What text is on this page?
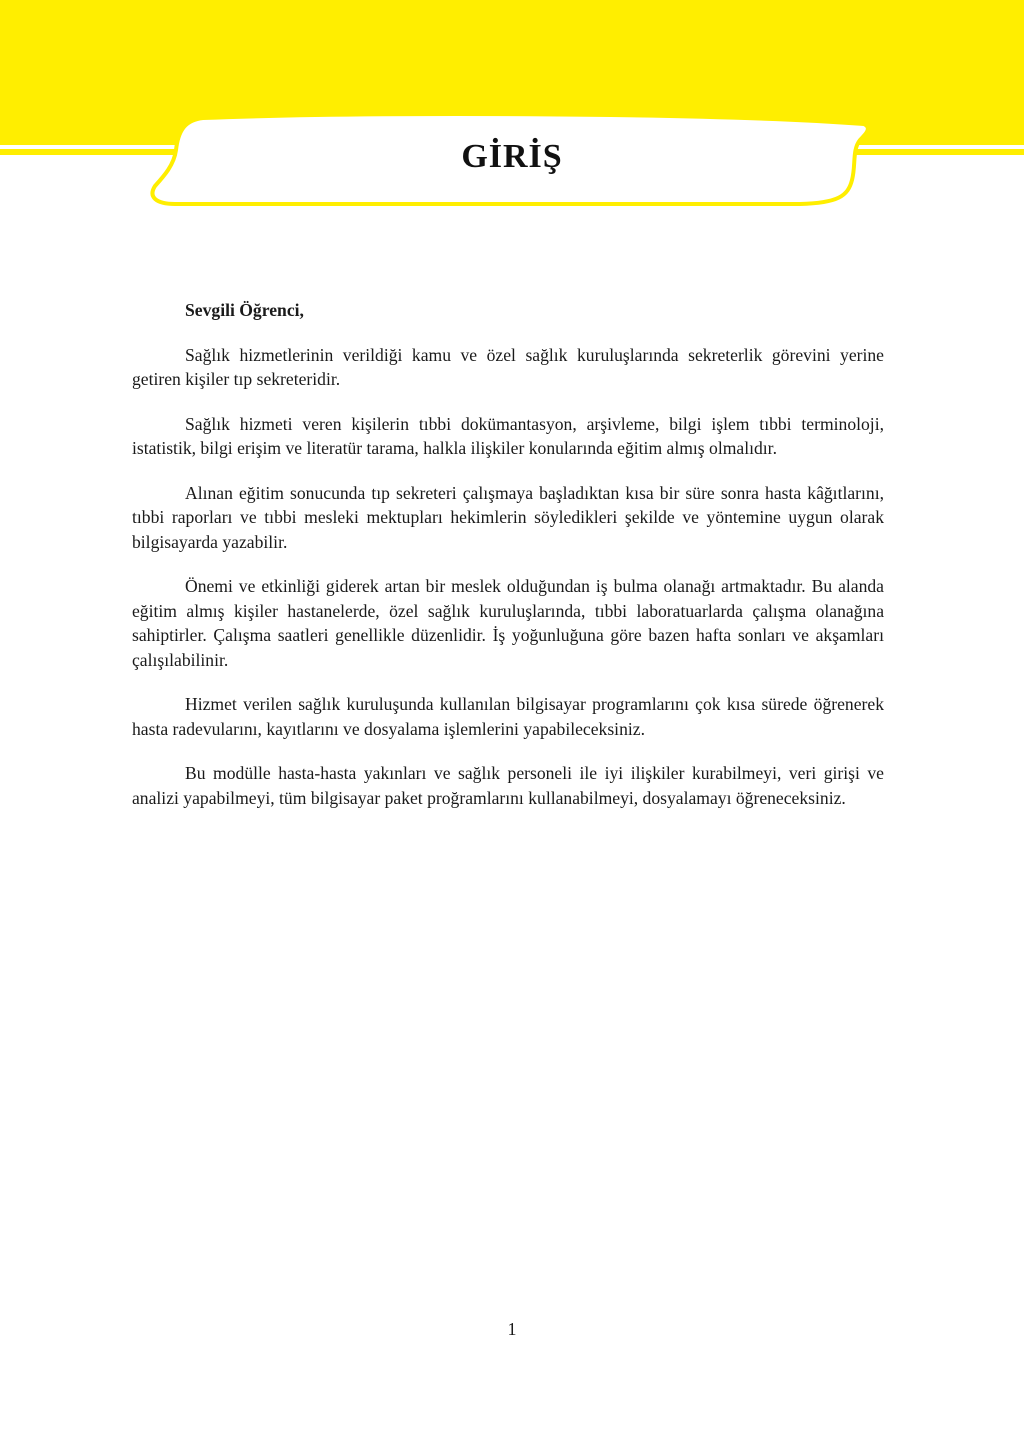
GİRİŞ

Sevgili Öğrenci,

Sağlık hizmetlerinin verildiği kamu ve özel sağlık kuruluşlarında sekreterlik görevini yerine getiren kişiler tıp sekreteridir.

Sağlık hizmeti veren kişilerin tıbbi dokümantasyon, arşivleme, bilgi işlem tıbbi terminoloji, istatistik, bilgi erişim ve literatür tarama, halkla ilişkiler konularında eğitim almış olmalıdır.

Alınan eğitim sonucunda tıp sekreteri çalışmaya başladıktan kısa bir süre sonra hasta kâğıtlarını, tıbbi raporları ve tıbbi mesleki mektupları hekimlerin söyledikleri şekilde ve yöntemine uygun olarak bilgisayarda yazabilir.

Önemi ve etkinliği giderek artan bir meslek olduğundan iş bulma olanağı artmaktadır. Bu alanda eğitim almış kişiler hastanelerde, özel sağlık kuruluşlarında, tıbbi laboratuarlarda çalışma olanağına sahiptirler. Çalışma saatleri genellikle düzenlidir. İş yoğunluğuna göre bazen hafta sonları ve akşamları çalışılabilinir.

Hizmet verilen sağlık kuruluşunda kullanılan bilgisayar programlarını çok kısa sürede öğrenerek hasta radevularını, kayıtlarını ve dosyalama işlemlerini yapabileceksiniz.

Bu modülle hasta-hasta yakınları ve sağlık personeli ile iyi ilişkiler kurabilmeyi, veri girişi ve analizi yapabilmeyi, tüm bilgisayar paket proğramlarını kullanabilmeyi, dosyalamayı öğreneceksiniz.

1
